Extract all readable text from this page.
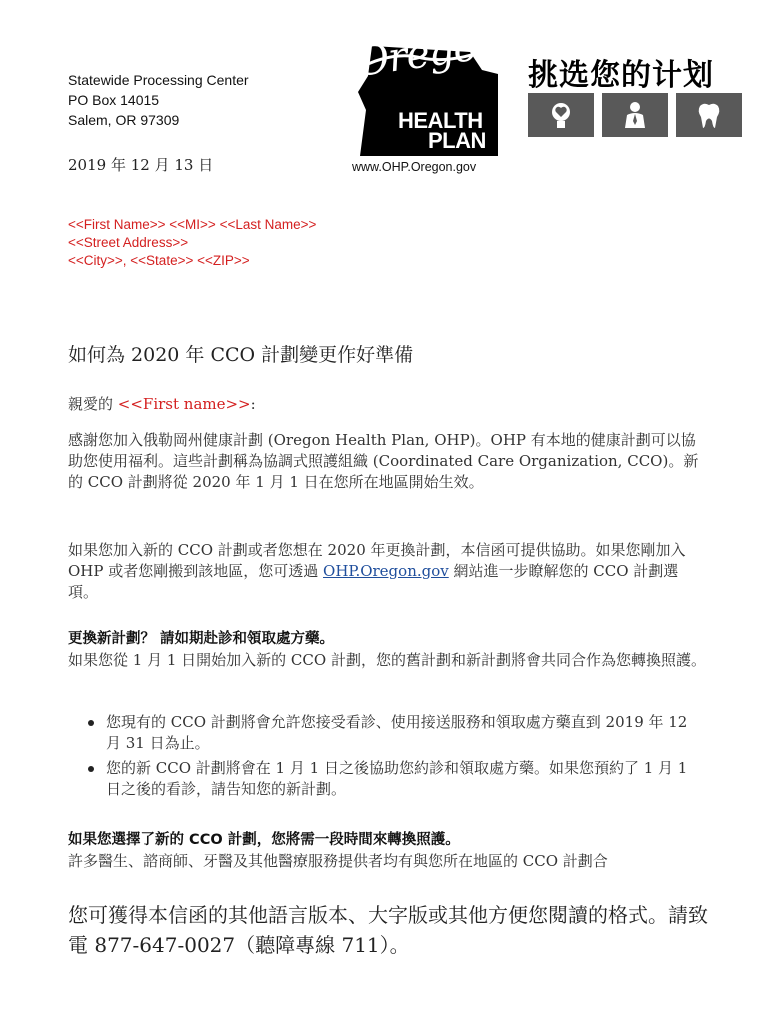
Statewide Processing Center
PO Box 14015
Salem, OR 97309
2019 年 12 月 13 日
Oregon
HEALTH
PLAN
www.OHP.Oregon.gov
挑选您的计划
<<First Name>> <<MI>> <<Last Name>>
<<Street Address>>
<<City>>, <<State>> <<ZIP>>
如何為 2020 年 CCO 計劃變更作好準備
親愛的 <<First name>>:
感謝您加入俄勒岡州健康計劃 (Oregon Health Plan, OHP)。OHP 有本地的健康計劃可以協助您使用福利。這些計劃稱為協調式照護組織 (Coordinated Care Organization, CCO)。新的 CCO 計劃將從 2020 年 1 月 1 日在您所在地區開始生效。
如果您加入新的 CCO 計劃或者您想在 2020 年更換計劃，本信函可提供協助。如果您剛加入 OHP 或者您剛搬到該地區，您可透過 OHP.Oregon.gov 網站進一步瞭解您的 CCO 計劃選項。
更換新計劃？ 請如期赴診和領取處方藥。
如果您從 1 月 1 日開始加入新的 CCO 計劃，您的舊計劃和新計劃將會共同合作為您轉換照護。
您現有的 CCO 計劃將會允許您接受看診、使用接送服務和領取處方藥直到 2019 年 12 月 31 日為止。
您的新 CCO 計劃將會在 1 月 1 日之後協助您約診和領取處方藥。如果您預約了 1 月 1 日之後的看診，請告知您的新計劃。
如果您選擇了新的 CCO 計劃，您將需一段時間來轉換照護。
許多醫生、諮商師、牙醫及其他醫療服務提供者均有與您所在地區的 CCO 計劃合
您可獲得本信函的其他語言版本、大字版或其他方便您閱讀的格式。請致電 877-647-0027（聽障專線 711）。
